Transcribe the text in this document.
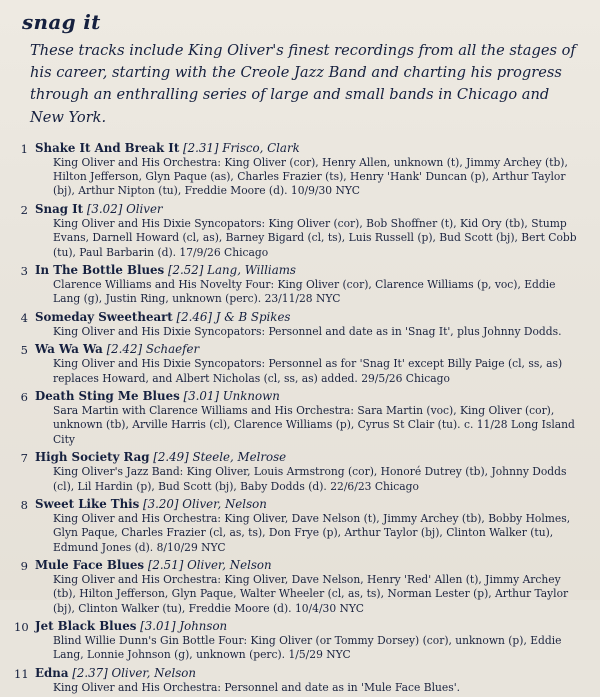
snag it
These tracks include King Oliver's finest recordings from all the stages of his career, starting with the Creole Jazz Band and charting his progress through an enthralling series of large and small bands in Chicago and New York.
1 Shake It And Break It [2.31] Frisco, Clark
King Oliver and His Orchestra: King Oliver (cor), Henry Allen, unknown (t), Jimmy Archey (tb), Hilton Jefferson, Glyn Paque (as), Charles Frazier (ts), Henry 'Hank' Duncan (p), Arthur Taylor (bj), Arthur Nipton (tu), Freddie Moore (d). 10/9/30 NYC
2 Snag It [3.02] Oliver
King Oliver and His Dixie Syncopators: King Oliver (cor), Bob Shoffner (t), Kid Ory (tb), Stump Evans, Darnell Howard (cl, as), Barney Bigard (cl, ts), Luis Russell (p), Bud Scott (bj), Bert Cobb (tu), Paul Barbarin (d). 17/9/26 Chicago
3 In The Bottle Blues [2.52] Lang, Williams
Clarence Williams and His Novelty Four: King Oliver (cor), Clarence Williams (p, voc), Eddie Lang (g), Justin Ring, unknown (perc). 23/11/28 NYC
4 Someday Sweetheart [2.46] J & B Spikes
King Oliver and His Dixie Syncopators: Personnel and date as in 'Snag It', plus Johnny Dodds.
5 Wa Wa Wa [2.42] Schaefer
King Oliver and His Dixie Syncopators: Personnel as for 'Snag It' except Billy Paige (cl, ss, as) replaces Howard, and Albert Nicholas (cl, ss, as) added. 29/5/26 Chicago
6 Death Sting Me Blues [3.01] Unknown
Sara Martin with Clarence Williams and His Orchestra: Sara Martin (voc), King Oliver (cor), unknown (tb), Arville Harris (cl), Clarence Williams (p), Cyrus St Clair (tu). c. 11/28 Long Island City
7 High Society Rag [2.49] Steele, Melrose
King Oliver's Jazz Band: King Oliver, Louis Armstrong (cor), Honoré Dutrey (tb), Johnny Dodds (cl), Lil Hardin (p), Bud Scott (bj), Baby Dodds (d). 22/6/23 Chicago
8 Sweet Like This [3.20] Oliver, Nelson
King Oliver and His Orchestra: King Oliver, Dave Nelson (t), Jimmy Archey (tb), Bobby Holmes, Glyn Paque, Charles Frazier (cl, as, ts), Don Frye (p), Arthur Taylor (bj), Clinton Walker (tu), Edmund Jones (d). 8/10/29 NYC
9 Mule Face Blues [2.51] Oliver, Nelson
King Oliver and His Orchestra: King Oliver, Dave Nelson, Henry 'Red' Allen (t), Jimmy Archey (tb), Hilton Jefferson, Glyn Paque, Walter Wheeler (cl, as, ts), Norman Lester (p), Arthur Taylor (bj), Clinton Walker (tu), Freddie Moore (d). 10/4/30 NYC
10 Jet Black Blues [3.01] Johnson
Blind Willie Dunn's Gin Bottle Four: King Oliver (or Tommy Dorsey) (cor), unknown (p), Eddie Lang, Lonnie Johnson (g), unknown (perc). 1/5/29 NYC
11 Edna [2.37] Oliver, Nelson
King Oliver and His Orchestra: Personnel and date as in 'Mule Face Blues'.
